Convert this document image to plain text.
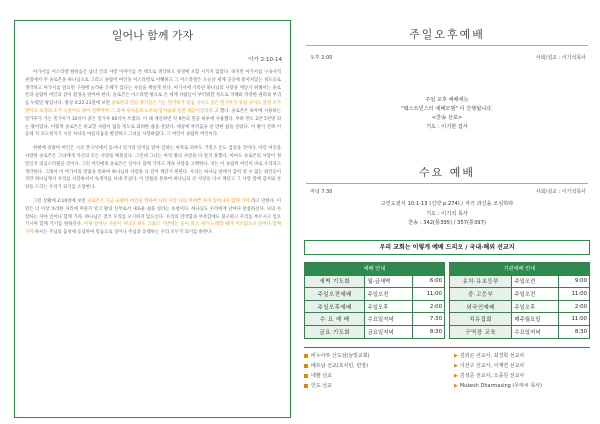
일어나 함께 가자
아가 2:10-14

아가서를 이스라엘 탈비숨은 남녀 간의 사랑 이야기를 쓴 책으로 생각하고 성경에 포함 시키지 않았다. 하지만 아가서를 구속사적 관점에서 주 솔로몬을 하나님으로 그리고 솔람미 여인을 이스라엘로 이해하고 그 이스라엘은 오늘날 세계 곳곳에 흩어져있는 성도들로 생각하고 아가서를 읽으면 구원에 놀라운 은혜가 있다는 사실을 깨달게 된다. 아가서에 기록된 하나님의 사랑을 깨닫기 위해서는 솔로몬과 술람미 여인과 같이 환경을 알아야 한다. 솔로몬은 이스라엘 왕으로 온 세계 사람들이 부러워할 정도로 지혜와 막강한 권력과 부귀를 누렸던 왕입니다. 왕상 4:22-23절에 보면 솔로몬의 일일 양식들은 가는 밀가루가 삼십 석이요 굵은 밀가루가 육십 석이요 살진 소가 열이요 초장의 소가 스물이요 양이 일백이며 그 외에 수사슴과 노루와 암사슴과 살진 새들이었더라 고 했다. 솔로몬은 하루에 사용하는 밀가루가 가는 밀가루가 30석이 굵은 밀가루 60석이 쓰였다. 이 때 계산하면 약 9톤의 밀을 하루에 사용했다. 부하 만도 2만 5천명 되는 왕이었다. 이렇게 솔로몬은 비교할 사람이 없을 정도로 화려한 삶을 살았다. 세상에 부러움을 살 만한 삶을 살았다. 이 왕이 전혀 이 동네 저 포도원지기 시골 처녀의 아름다움을 발견하고 그녀를 사랑하였다. 그 여인이 솔람미 여인이다.

한편에 솔람미 여인은 시골 촌구석에서 동서나 일거리 먼지를 맡아 일하는 여자로 피부도 거칠고 손도 검었을 것이다. 이런 여인을 사랑한 솔로몬은 그녀에게 자신의 모든 사랑을 베풀었다. 그런데 그녀는 아직 왕의 사랑을 다 알지 못했다. 아마도 솔로몬의 사랑이 정말인지 의심스러웠을 것이다. 그런 여인에게 솔로몬은 일어나 함께 가자고 계속 사랑을 고백한다. 저는 이 솔람미 여인이 바로 우리라고 생각한다. 그래서 이 아가서의 말씀을 통하여 하나님의 사랑을 더 깊이 깨닫기 원한다. 우리는 하나님 앞에서 감히 설 수 없는 죄인들이지만 하나님께서 우리를 사랑하셔서 독생자를 보내 주셨다. 이 말씀을 통하여 하나님의 큰 사랑을 다시 깨닫고 그 사랑 앞에 감사와 찬양을 드리는 우리가 되기를 소망한다.

그런 상황에 2:10절에 보면 솔로몬은 지금 술람미 여인을 향하여 나의 사랑 나의 어여쁜 자야 일어나서 함께 가자 라고 말한다. 이 말은 더 이상 초라한 자리에 머물지 말고 왕의 신부로서 새로운 삶을 살라는 초청이다. 하나님도 우리에게 날마다 말씀하신다. 나의 사랑하는 자야 일어나 함께 가자. 하나님은 결코 우리를 포기하지 않으신다. 우리의 연약함과 부족함에도 불구하고 우리를 부르시고 일으키시며 함께 가기를 원하신다. 이제 일어나 겨울이 지나고 비도 그쳤고 지면에는 꽃이 피고 새가 노래할 때가 이르렀으니 일어나 함께 가자 하시는 주님의 음성에 응답하여 믿음으로 일어나 주님과 동행하는 우리 모두가 되기를 바란다.

주일오후예배
오후 2:00	사회/설교 : 이기석목사
주일 오후 예배에는
"웨스트민스터 예배모범" 이 진행됩니다.
<찬송 선포>
기도 : 이기한 집사
수요 예배
저녁 7:30	사회/설교 : 이기석목사
고린도전서 10:1-13 (신약 p.274) / 자기 과신을 조심하라
기도 : 이기석 목사
찬송 : 342(통395) / 357(통397)
우리 교회는 이렇게 예배 드리오 / 국내·해외 선교지
예배 안내		
새벽 기도회	월-금새벽	6:00
주일오전예배	주일오전	11:00
주일오후예배	주일오후	2:00
수 요 예 배	수요일저녁	7:30
금요 기도회	금요일저녁	8:30
기관예배 안내		
유치·유초등부	주일오전	9:00
중·고등부	주일오전	11:00
외국인예배	주일오후	2:00
치유집회	매주월요일	11:00
구역장 교육	수요일저녁	8:30
비누아투 산도섬(늘빛교회)	▶ 김외곤 선교사, 최경희 선교사
베트남 선교(호치민, 빈장)	▶ 이선구 선교사, 이재연 선교사
네팔 선교	▶ 김성준 선교사, 오종원 선교사
인도 선교	▶ Mukesh Dharmasing (무마씨 목사)
